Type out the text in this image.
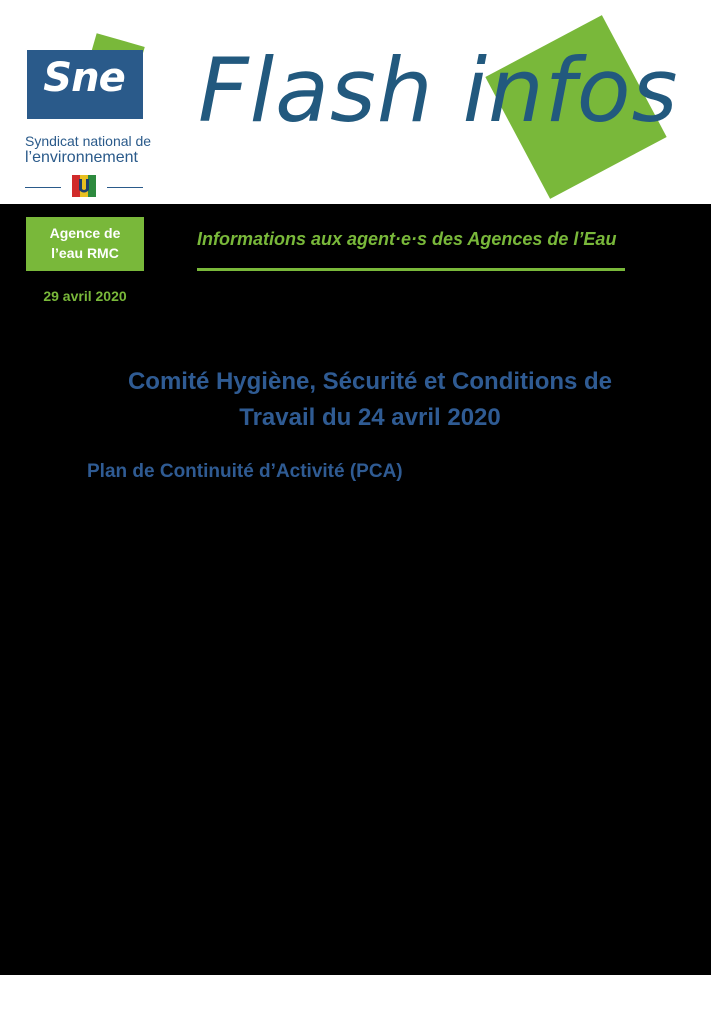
Sne
Syndicat national de
l’environnement
Flash infos
Agence de
l’eau RMC
29 avril 2020
Informations aux agent·e·s des Agences de l’Eau
Comité Hygiène, Sécurité et Conditions de
Travail du 24 avril 2020
Plan de Continuité d’Activité (PCA)
